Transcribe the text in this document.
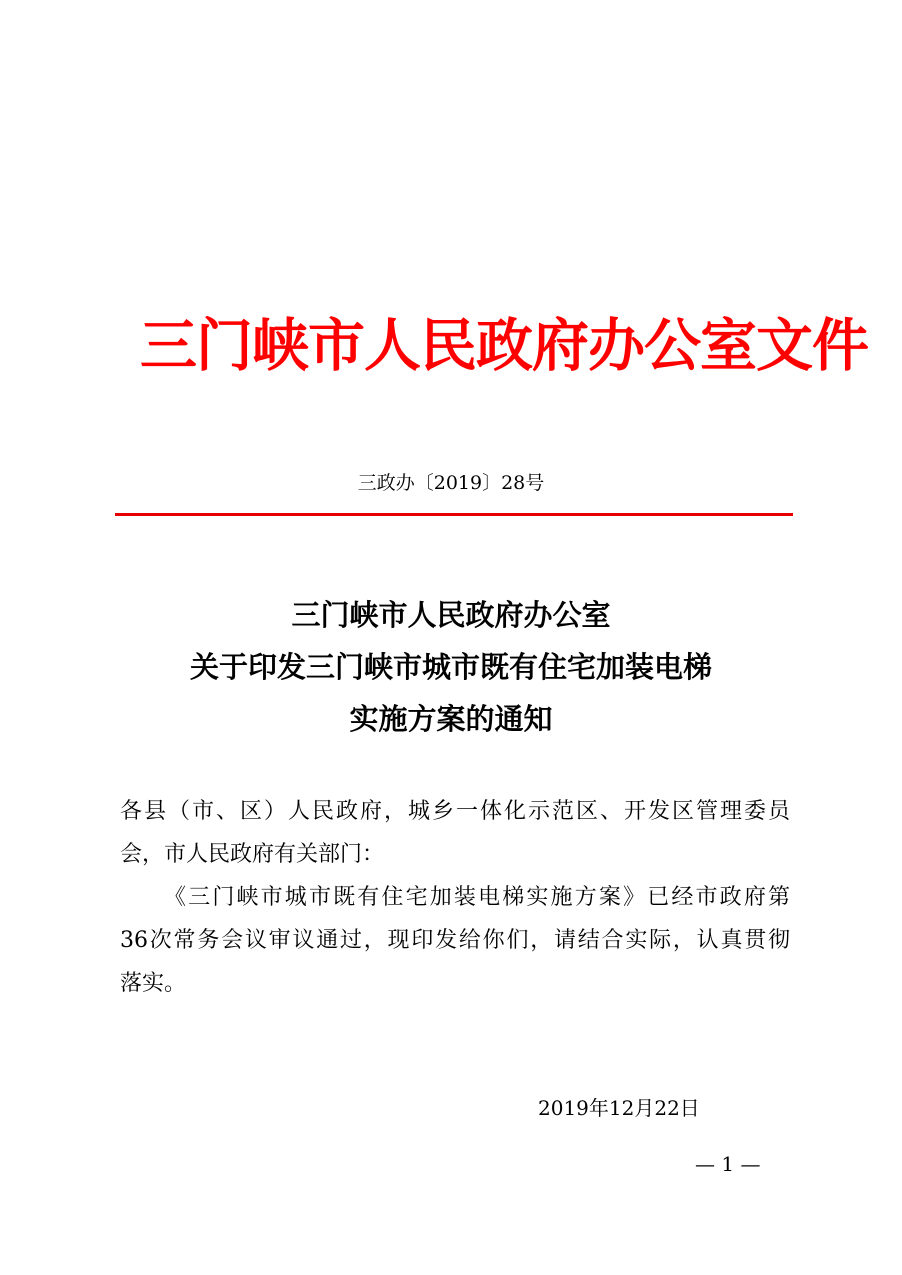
三门峡市人民政府办公室文件
三政办〔2019〕28号
三门峡市人民政府办公室
关于印发三门峡市城市既有住宅加装电梯
实施方案的通知
各县（市、区）人民政府，城乡一体化示范区、开发区管理委员
会，市人民政府有关部门：
《三门峡市城市既有住宅加装电梯实施方案》已经市政府第
36次常务会议审议通过，现印发给你们，请结合实际，认真贯彻
落实。
2019年12月22日
— 1 —
